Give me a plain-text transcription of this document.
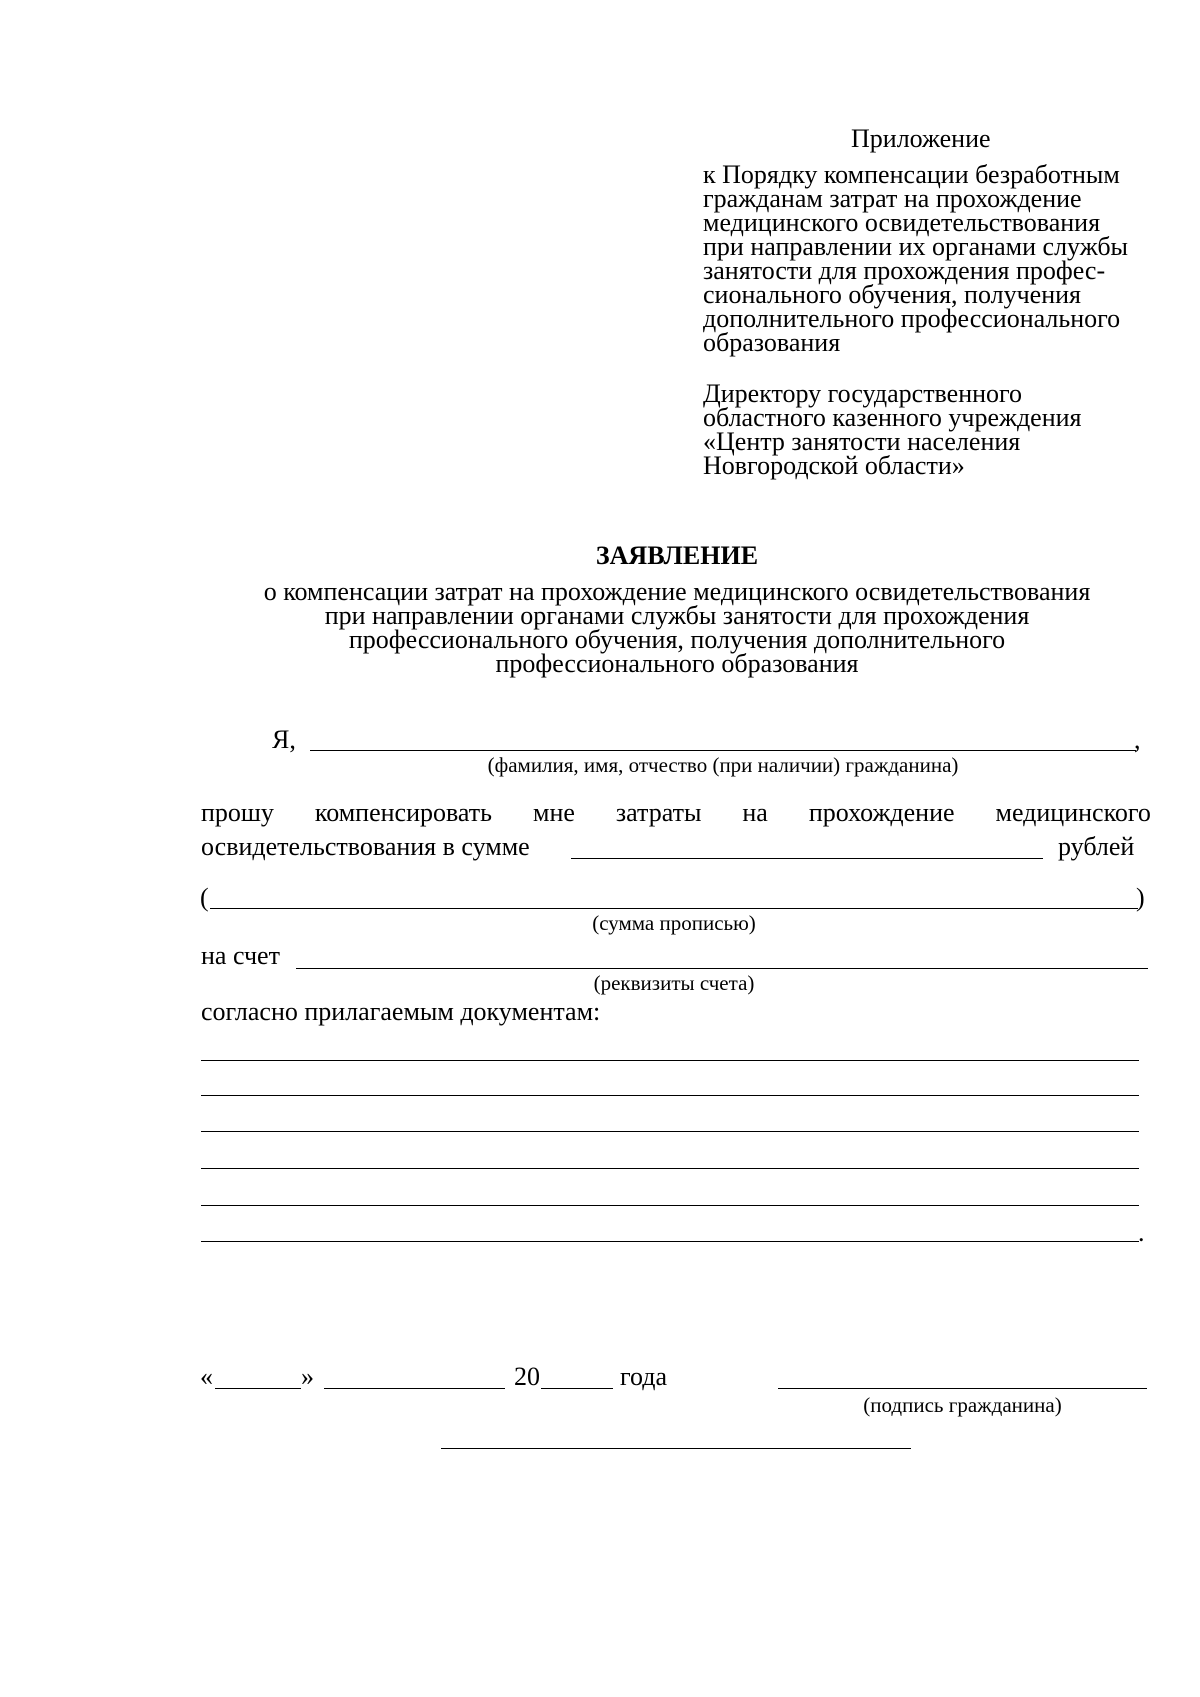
Приложение
к Порядку компенсации безработным
гражданам затрат на прохождение
медицинского освидетельствования
при направлении их органами службы
занятости для прохождения профес-
сионального обучения, получения
дополнительного профессионального
образования
Директору государственного
областного казенного учреждения
«Центр занятости населения
Новгородской области»
ЗАЯВЛЕНИЕ
о компенсации затрат на прохождение медицинского освидетельствования
при направлении органами службы занятости для прохождения
профессионального обучения, получения дополнительного
профессионального образования
Я,	,
(фамилия, имя, отчество (при наличии) гражданина)
прошу компенсировать мне затраты на прохождение медицинского
освидетельствования в сумме	рублей
(	)
(сумма прописью)
на счет
(реквизиты счета)
согласно прилагаемым документам:
.
«	»	20	года
(подпись гражданина)
